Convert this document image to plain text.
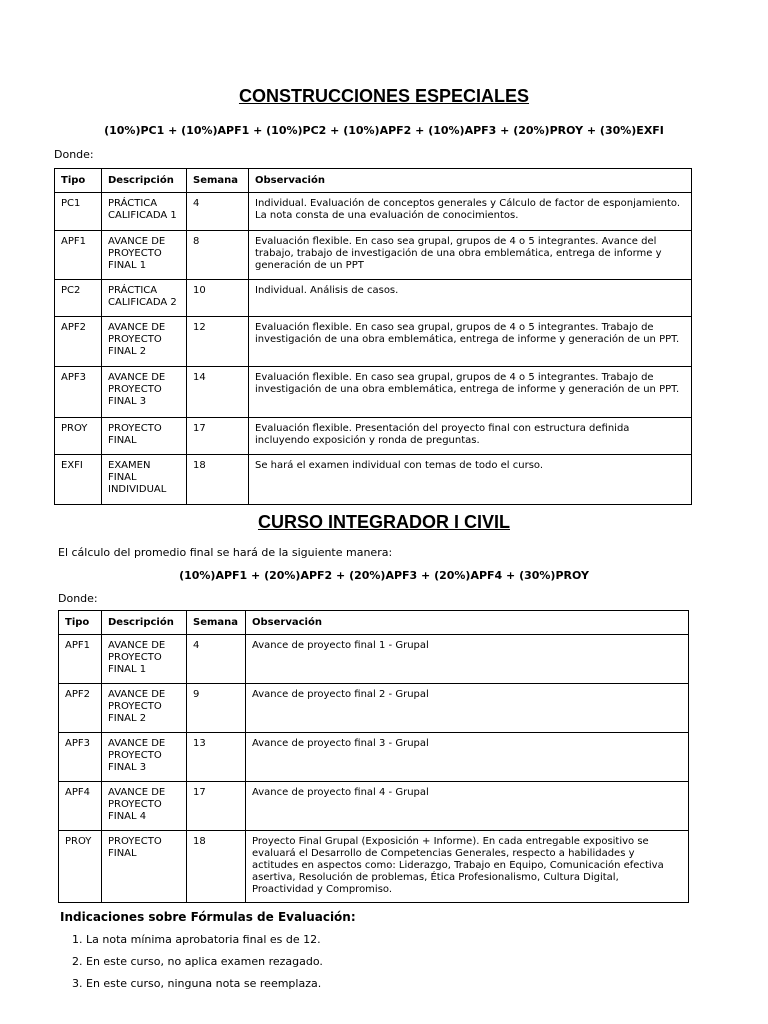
CONSTRUCCIONES ESPECIALES

(10%)PC1 + (10%)APF1 + (10%)PC2 + (10%)APF2 + (10%)APF3 + (20%)PROY + (30%)EXFI

Donde:

Tipo	Descripción	Semana	Observación
PC1	PRÁCTICA CALIFICADA 1	4	Individual. Evaluación de conceptos generales y Cálculo de factor de esponjamiento. La nota consta de una evaluación de conocimientos.
APF1	AVANCE DE PROYECTO FINAL 1	8	Evaluación flexible. En caso sea grupal, grupos de 4 o 5 integrantes. Avance del trabajo, trabajo de investigación de una obra emblemática, entrega de informe y generación de un PPT
PC2	PRÁCTICA CALIFICADA 2	10	Individual. Análisis de casos.
APF2	AVANCE DE PROYECTO FINAL 2	12	Evaluación flexible. En caso sea grupal, grupos de 4 o 5 integrantes. Trabajo de investigación de una obra emblemática, entrega de informe y generación de un PPT.
APF3	AVANCE DE PROYECTO FINAL 3	14	Evaluación flexible. En caso sea grupal, grupos de 4 o 5 integrantes. Trabajo de investigación de una obra emblemática, entrega de informe y generación de un PPT.
PROY	PROYECTO FINAL	17	Evaluación flexible. Presentación del proyecto final con estructura definida incluyendo exposición y ronda de preguntas.
EXFI	EXAMEN FINAL INDIVIDUAL	18	Se hará el examen individual con temas de todo el curso.
CURSO INTEGRADOR I CIVIL

El cálculo del promedio final se hará de la siguiente manera:

(10%)APF1 + (20%)APF2 + (20%)APF3 + (20%)APF4 + (30%)PROY

Donde:

Tipo	Descripción	Semana	Observación
APF1	AVANCE DE PROYECTO FINAL 1	4	Avance de proyecto final 1 - Grupal
APF2	AVANCE DE PROYECTO FINAL 2	9	Avance de proyecto final 2 - Grupal
APF3	AVANCE DE PROYECTO FINAL 3	13	Avance de proyecto final 3 - Grupal
APF4	AVANCE DE PROYECTO FINAL 4	17	Avance de proyecto final 4 - Grupal
PROY	PROYECTO FINAL	18	Proyecto Final Grupal (Exposición + Informe). En cada entregable expositivo se evaluará el Desarrollo de Competencias Generales, respecto a habilidades y actitudes en aspectos como: Liderazgo, Trabajo en Equipo, Comunicación efectiva asertiva, Resolución de problemas, Ética Profesionalismo, Cultura Digital, Proactividad y Compromiso.

Indicaciones sobre Fórmulas de Evaluación:

1. La nota mínima aprobatoria final es de 12.
2. En este curso, no aplica examen rezagado.
3. En este curso, ninguna nota se reemplaza.
